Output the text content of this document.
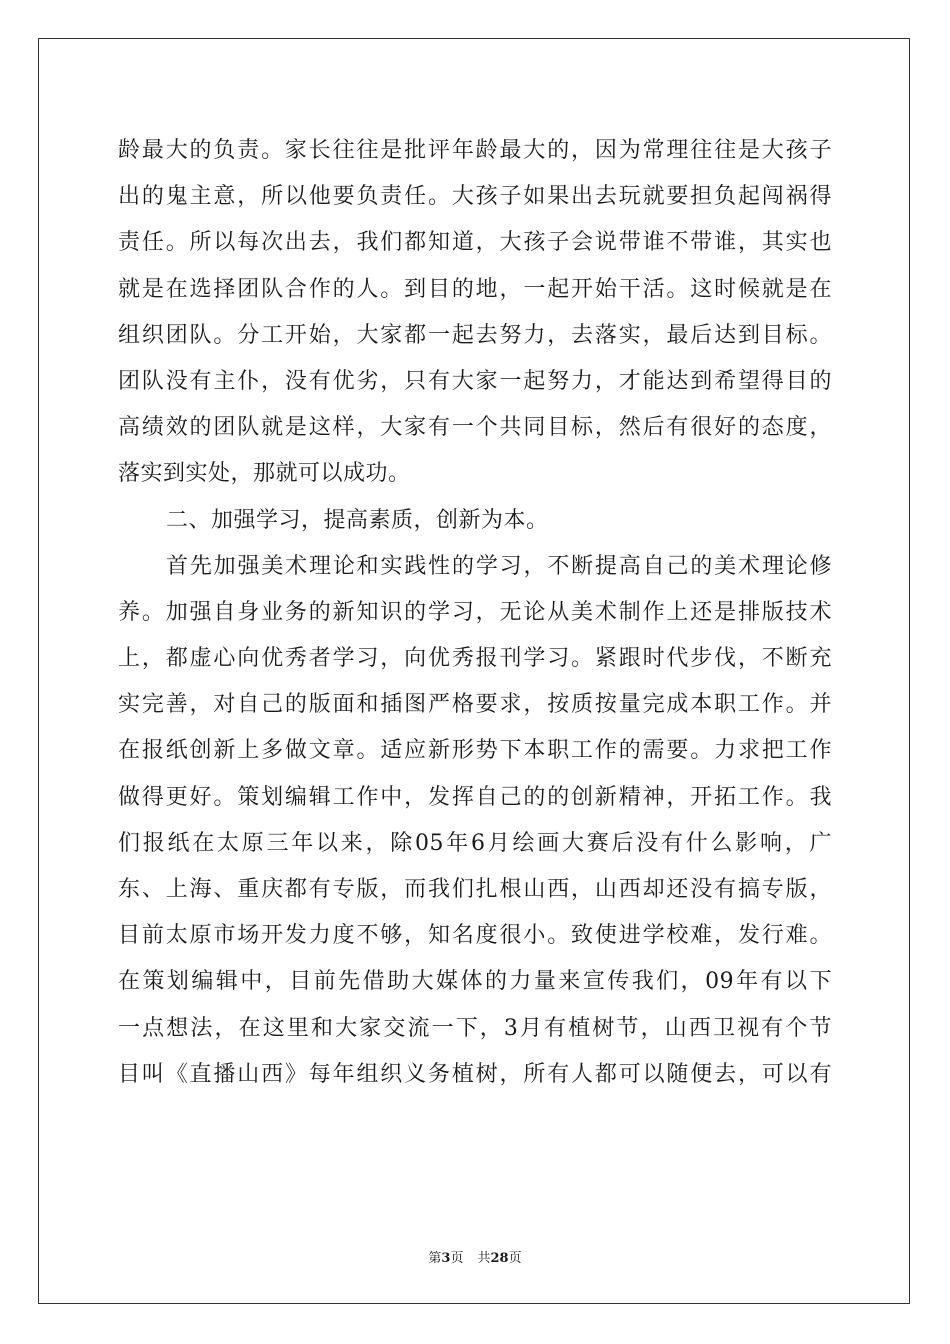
龄最大的负责。家长往往是批评年龄最大的，因为常理往往是大孩子
出的鬼主意，所以他要负责任。大孩子如果出去玩就要担负起闯祸得
责任。所以每次出去，我们都知道，大孩子会说带谁不带谁，其实也
就是在选择团队合作的人。到目的地，一起开始干活。这时候就是在
组织团队。分工开始，大家都一起去努力，去落实，最后达到目标。
团队没有主仆，没有优劣，只有大家一起努力，才能达到希望得目的
高绩效的团队就是这样，大家有一个共同目标，然后有很好的态度，
落实到实处，那就可以成功。
二、加强学习，提高素质，创新为本。
首先加强美术理论和实践性的学习，不断提高自己的美术理论修
养。加强自身业务的新知识的学习，无论从美术制作上还是排版技术
上，都虚心向优秀者学习，向优秀报刊学习。紧跟时代步伐，不断充
实完善，对自己的版面和插图严格要求，按质按量完成本职工作。并
在报纸创新上多做文章。适应新形势下本职工作的需要。力求把工作
做得更好。策划编辑工作中，发挥自己的的创新精神，开拓工作。我
们报纸在太原三年以来，除05年6月绘画大赛后没有什么影响，广
东、上海、重庆都有专版，而我们扎根山西，山西却还没有搞专版，
目前太原市场开发力度不够，知名度很小。致使进学校难，发行难。
在策划编辑中，目前先借助大媒体的力量来宣传我们，09年有以下
一点想法，在这里和大家交流一下，3月有植树节，山西卫视有个节
目叫《直播山西》每年组织义务植树，所有人都可以随便去，可以有
第3页 共28页
